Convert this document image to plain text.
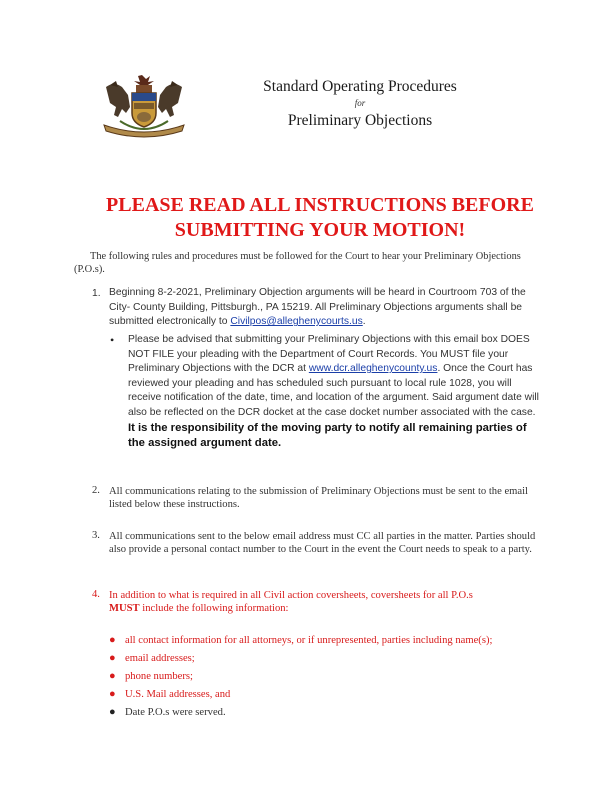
Standard Operating Procedures
for
Preliminary Objections
PLEASE READ ALL INSTRUCTIONS BEFORE
SUBMITTING YOUR MOTION!
The following rules and procedures must be followed for the Court to hear your Preliminary Objections (P.O.s).
1. Beginning 8-2-2021, Preliminary Objection arguments will be heard in Courtroom 703 of the City- County Building, Pittsburgh., PA 15219. All Preliminary Objections arguments shall be submitted electronically to Civilpos@alleghenycourts.us.
• Please be advised that submitting your Preliminary Objections with this email box DOES NOT FILE your pleading with the Department of Court Records. You MUST file your Preliminary Objections with the DCR at www.dcr.alleghenycounty.us. Once the Court has reviewed your pleading and has scheduled such pursuant to local rule 1028, you will receive notification of the date, time, and location of the argument. Said argument date will also be reflected on the DCR docket at the case docket number associated with the case. It is the responsibility of the moving party to notify all remaining parties of the assigned argument date.
2. All communications relating to the submission of Preliminary Objections must be sent to the email listed below these instructions.
3. All communications sent to the below email address must CC all parties in the matter. Parties should also provide a personal contact number to the Court in the event the Court needs to speak to a party.
4. In addition to what is required in all Civil action coversheets, coversheets for all P.O.s
MUST include the following information:
● all contact information for all attorneys, or if unrepresented, parties including name(s);
● email addresses;
● phone numbers;
● U.S. Mail addresses, and
● Date P.O.s were served.
